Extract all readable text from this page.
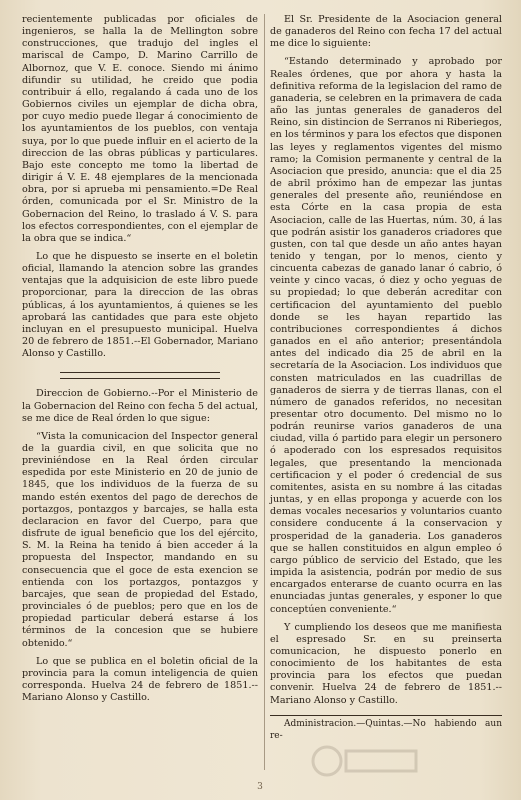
recientemente publicadas por oficiales de ingenieros, se halla la de Mellington sobre construcciones, que tradujo del ingles el mariscal de Campo, D. Marino Carrillo de Albornoz, que V. E. conoce. Siendo mi ánimo difundir su utilidad, he creido que podia contribuir á ello, regalando á cada uno de los Gobiernos civiles un ejemplar de dicha obra, por cuyo medio puede llegar á conocimiento de los ayuntamientos de los pueblos, con ventaja suya, por lo que puede influir en el acierto de la direccion de las obras públicas y particulares. Bajo este concepto me tomo la libertad de dirigir á V. E. 48 ejemplares de la mencionada obra, por si aprueba mi pensamiento.=De Real órden, comunicada por el Sr. Ministro de la Gobernacion del Reino, lo traslado á V. S. para los efectos correspondientes, con el ejemplar de la obra que se indica.“

Lo que he dispuesto se inserte en el boletin oficial, llamando la atencion sobre las grandes ventajas que la adquisicion de este libro puede proporcionar, para la direccion de las obras públicas, á los ayuntamientos, á quienes se les aprobará las cantidades que para este objeto incluyan en el presupuesto municipal. Huelva 20 de febrero de 1851.--El Gobernador, Mariano Alonso y Castillo.

Direccion de Gobierno.--Por el Ministerio de la Gobernacion del Reino con fecha 5 del actual, se me dice de Real órden lo que sigue:

“Vista la comunicacion del Inspector general de la guardia civil, en que solicita que no previniéndose en la Real órden circular espedida por este Ministerio en 20 de junio de 1845, que los individuos de la fuerza de su mando estén exentos del pago de derechos de portazgos, pontazgos y barcajes, se halla esta declaracion en favor del Cuerpo, para que disfrute de igual beneficio que los del ejército, S. M. la Reina ha tenido á bien acceder á la propuesta del Inspector, mandando en su consecuencia que el goce de esta exencion se entienda con los portazgos, pontazgos y barcajes, que sean de propiedad del Estado, provinciales ó de pueblos; pero que en los de propiedad particular deberá estarse á los términos de la concesion que se hubiere obtenido.“

Lo que se publica en el boletin oficial de la provincia para la comun inteligencia de quien corresponda. Huelva 24 de febrero de 1851.--Mariano Alonso y Castillo.

El Sr. Presidente de la Asociacion general de ganaderos del Reino con fecha 17 del actual me dice lo siguiente:

“Estando determinado y aprobado por Reales órdenes, que por ahora y hasta la definitiva reforma de la legislacion del ramo de ganaderia, se celebren en la primavera de cada año las juntas generales de ganaderos del Reino, sin distincion de Serranos ni Riberiegos, en los términos y para los efectos que disponen las leyes y reglamentos vigentes del mismo ramo; la Comision permanente y central de la Asociacion que presido, anuncia: que el dia 25 de abril próximo han de empezar las juntas generales del presente año, reuniéndose en esta Córte en la casa propia de esta Asociacion, calle de las Huertas, núm. 30, á las que podrán asistir los ganaderos criadores que gusten, con tal que desde un año antes hayan tenido y tengan, por lo menos, ciento y cincuenta cabezas de ganado lanar ó cabrio, ó veinte y cinco vacas, ó diez y ocho yeguas de su propiedad; lo que deberán acreditar con certificacion del ayuntamiento del pueblo donde se les hayan repartido las contribuciones correspondientes á dichos ganados en el año anterior; presentándola antes del indicado dia 25 de abril en la secretaría de la Asociacion. Los individuos que consten matriculados en las cuadrillas de ganaderos de sierra y de tierras llanas, con el número de ganados referidos, no necesitan presentar otro documento. Del mismo no lo podrán reunirse varios ganaderos de una ciudad, villa ó partido para elegir un personero ó apoderado con los espresados requisitos legales, que presentando la mencionada certificacion y el poder ó credencial de sus comitentes, asista en su nombre á las citadas juntas, y en ellas proponga y acuerde con los demas vocales necesarios y voluntarios cuanto considere conducente á la conservacion y prosperidad de la ganaderia. Los ganaderos que se hallen constituidos en algun empleo ó cargo público de servicio del Estado, que les impida la asistencia, podrán por medio de sus encargados enterarse de cuanto ocurra en las enunciadas juntas generales, y esponer lo que conceptúen conveniente.“

Y cumpliendo los deseos que me manifiesta el espresado Sr. en su preinserta comunicacion, he dispuesto ponerlo en conocimiento de los habitantes de esta provincia para los efectos que puedan convenir. Huelva 24 de febrero de 1851.--Mariano Alonso y Castillo.

Administracion.—Quintas.—No habiendo aun re-
3
